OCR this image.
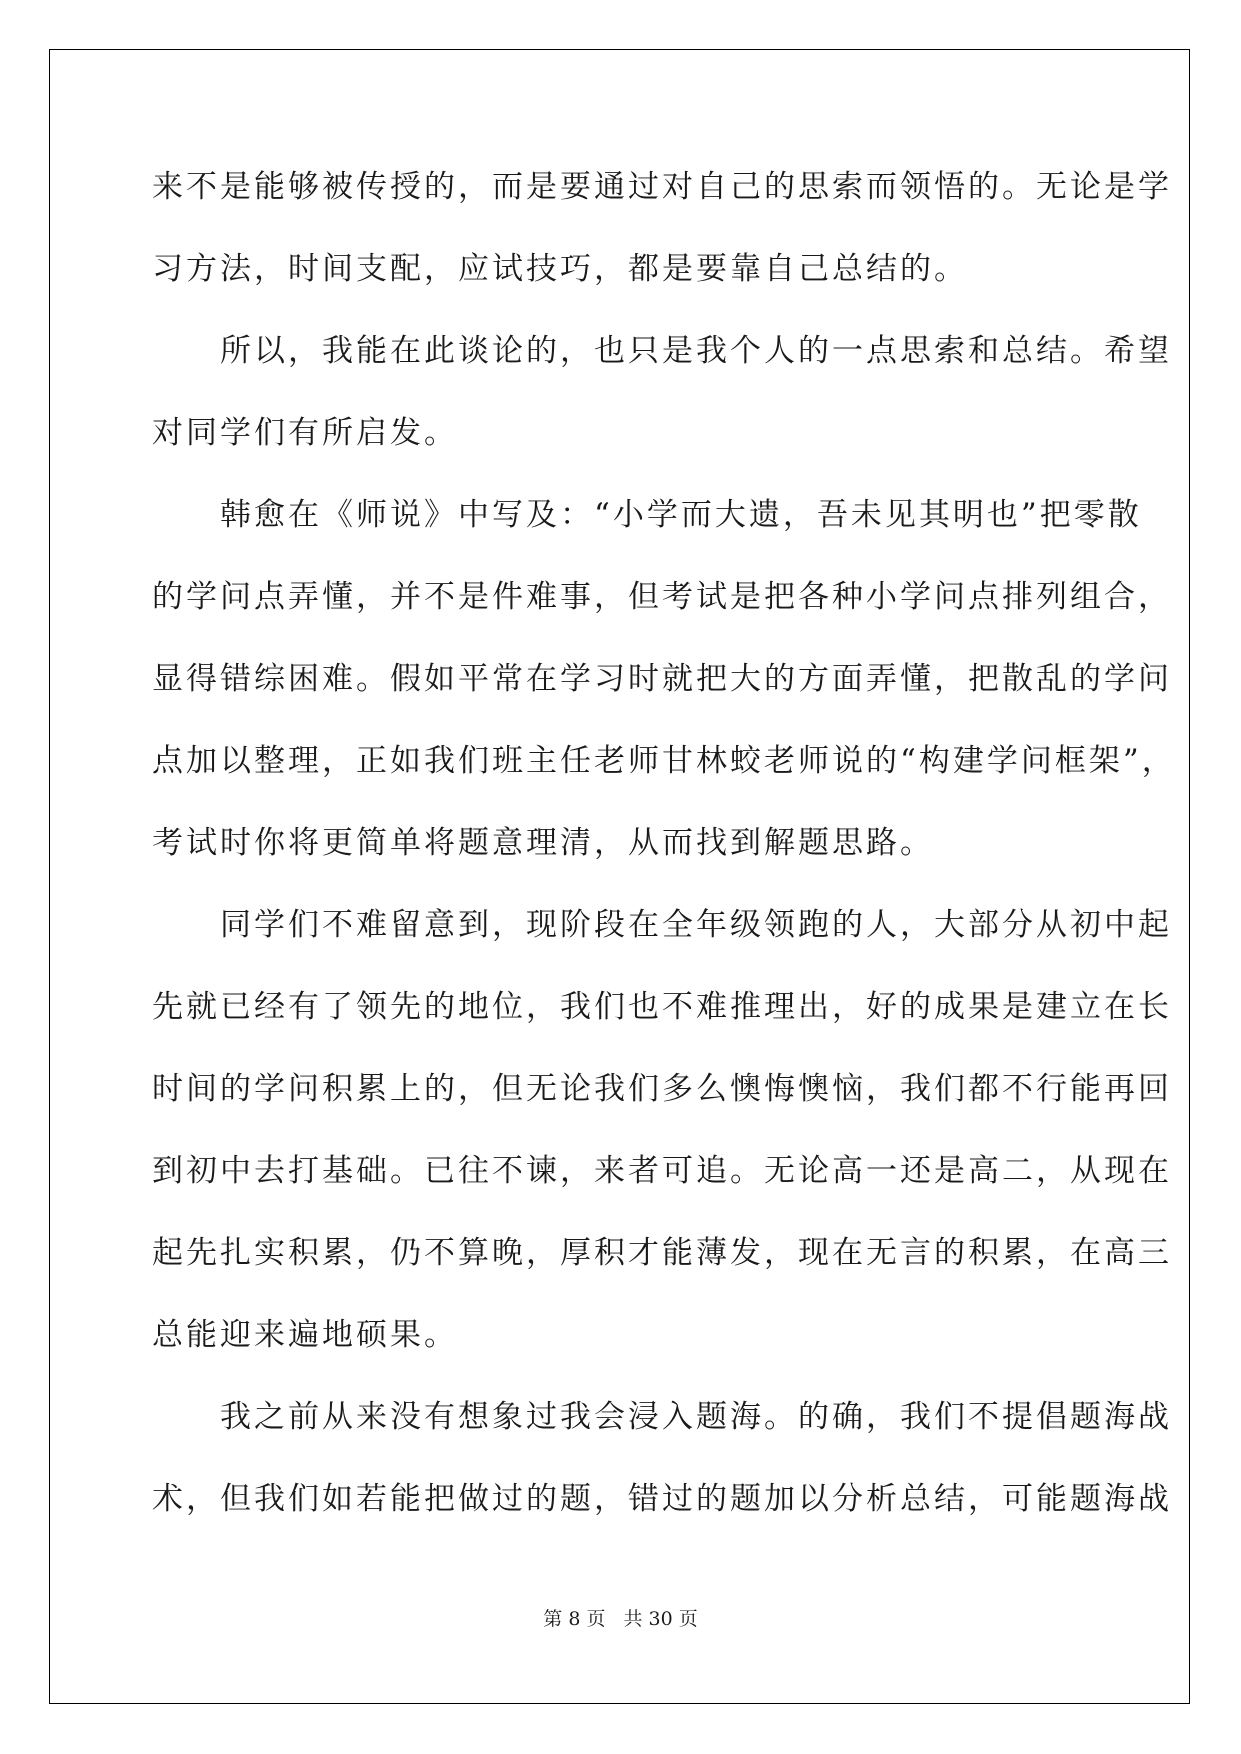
来不是能够被传授的，而是要通过对自己的思索而领悟的。无论是学
习方法，时间支配，应试技巧，都是要靠自己总结的。
　　所以，我能在此谈论的，也只是我个人的一点思索和总结。希望
对同学们有所启发。
　　韩愈在《师说》中写及：“小学而大遗，吾未见其明也”把零散
的学问点弄懂，并不是件难事，但考试是把各种小学问点排列组合，
显得错综困难。假如平常在学习时就把大的方面弄懂，把散乱的学问
点加以整理，正如我们班主任老师甘林蛟老师说的“构建学问框架”，
考试时你将更简单将题意理清，从而找到解题思路。
　　同学们不难留意到，现阶段在全年级领跑的人，大部分从初中起
先就已经有了领先的地位，我们也不难推理出，好的成果是建立在长
时间的学问积累上的，但无论我们多么懊悔懊恼，我们都不行能再回
到初中去打基础。已往不谏，来者可追。无论高一还是高二，从现在
起先扎实积累，仍不算晚，厚积才能薄发，现在无言的积累，在高三
总能迎来遍地硕果。
　　我之前从来没有想象过我会浸入题海。的确，我们不提倡题海战
术，但我们如若能把做过的题，错过的题加以分析总结，可能题海战
第 8 页 共 30 页
